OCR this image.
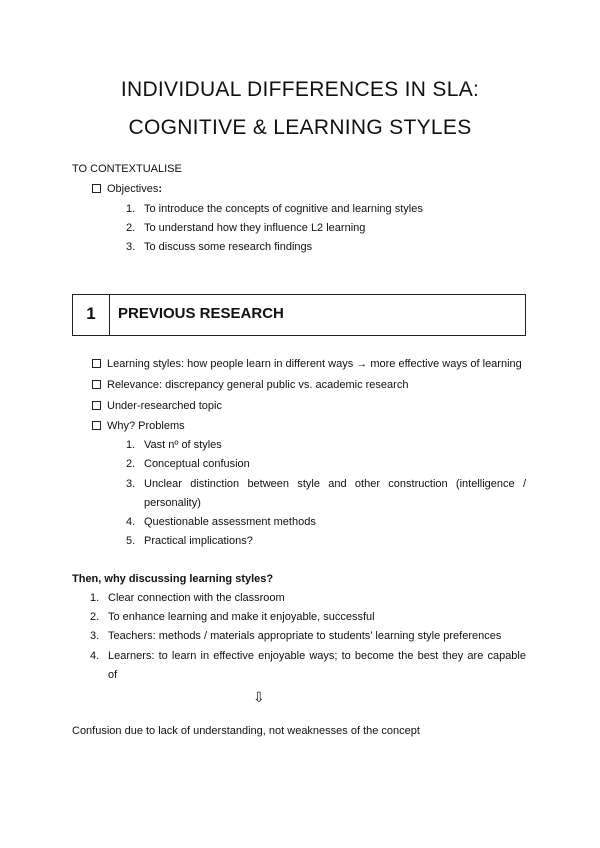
INDIVIDUAL DIFFERENCES IN SLA:
COGNITIVE & LEARNING STYLES
TO CONTEXTUALISE
Objectives:
1. To introduce the concepts of cognitive and learning styles
2. To understand how they influence L2 learning
3. To discuss some research findings
1	PREVIOUS RESEARCH
Learning styles: how people learn in different ways → more effective ways of learning
Relevance: discrepancy general public vs. academic research
Under-researched topic
Why? Problems
1. Vast nº of styles
2. Conceptual confusion
3. Unclear distinction between style and other construction (intelligence /
personality)
4. Questionable assessment methods
5. Practical implications?
Then, why discussing learning styles?
1. Clear connection with the classroom
2. To enhance learning and make it enjoyable, successful
3. Teachers: methods / materials appropriate to students’ learning style preferences
4. Learners: to learn in effective enjoyable ways; to become the best they are capable
of
⇩
Confusion due to lack of understanding, not weaknesses of the concept
